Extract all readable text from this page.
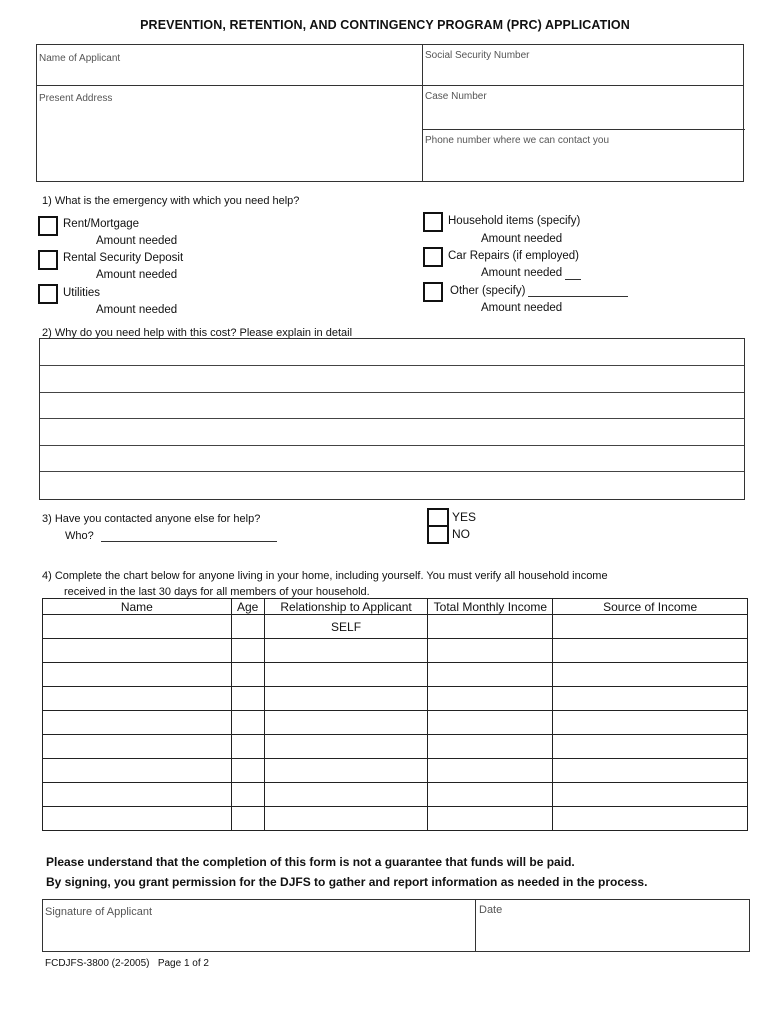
PREVENTION, RETENTION, AND CONTINGENCY PROGRAM (PRC) APPLICATION
Name of Applicant	Social Security Number
Present Address	Case Number
Phone number where we can contact you
1) What is the emergency with which you need help?
Rent/Mortgage
Amount needed
Rental Security Deposit
Amount needed
Utilities
Amount needed
Household items (specify)
Amount needed
Car Repairs (if employed)
Amount needed
Other (specify)
Amount needed
2) Why do you need help with this cost? Please explain in detail
3) Have you contacted anyone else for help?
Who?
YES
NO
4) Complete the chart below for anyone living in your home, including yourself. You must verify all household income
received in the last 30 days for all members of your household.
Name	Age	Relationship to Applicant	Total Monthly Income	Source of Income
		SELF		

Please understand that the completion of this form is not a guarantee that funds will be paid.
By signing, you grant permission for the DJFS to gather and report information as needed in the process.
Signature of Applicant	Date
FCDJFS-3800 (2-2005) Page 1 of 2
